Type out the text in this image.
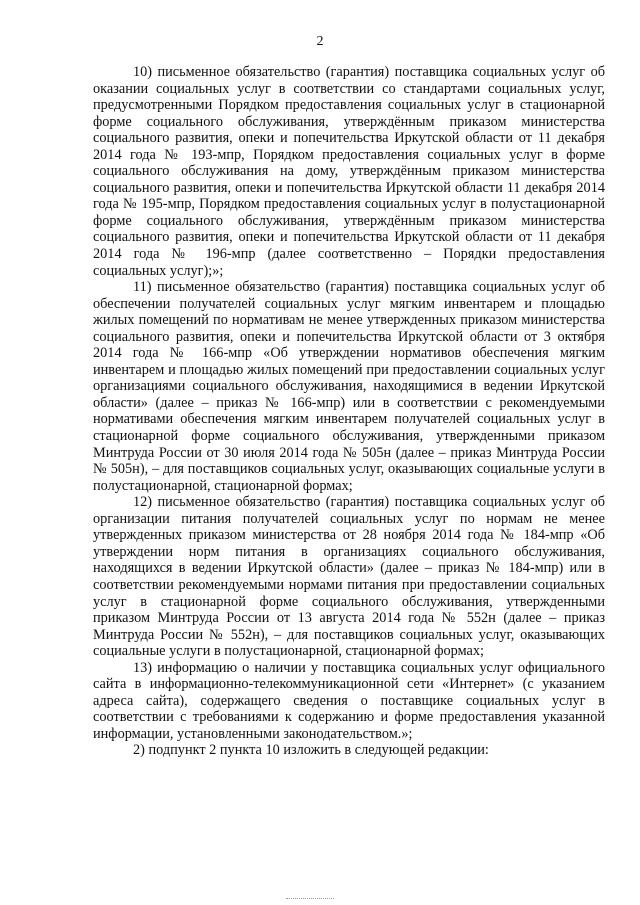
2

10) письменное обязательство (гарантия) поставщика социальных услуг об оказании социальных услуг в соответствии со стандартами социальных услуг, предусмотренными Порядком предоставления социальных услуг в стационарной форме социального обслуживания, утверждённым приказом министерства социального развития, опеки и попечительства Иркутской области от 11 декабря 2014 года № 193-мпр, Порядком предоставления социальных услуг в форме социального обслуживания на дому, утверждённым приказом министерства социального развития, опеки и попечительства Иркутской области 11 декабря 2014 года № 195-мпр, Порядком предоставления социальных услуг в полустационарной форме социального обслуживания, утверждённым приказом министерства социального развития, опеки и попечительства Иркутской области от 11 декабря 2014 года № 196-мпр (далее соответственно – Порядки предоставления социальных услуг);»;

11) письменное обязательство (гарантия) поставщика социальных услуг об обеспечении получателей социальных услуг мягким инвентарем и площадью жилых помещений по нормативам не менее утвержденных приказом министерства социального развития, опеки и попечительства Иркутской области от 3 октября 2014 года № 166-мпр «Об утверждении нормативов обеспечения мягким инвентарем и площадью жилых помещений при предоставлении социальных услуг организациями социального обслуживания, находящимися в ведении Иркутской области» (далее – приказ № 166-мпр) или в соответствии с рекомендуемыми нормативами обеспечения мягким инвентарем получателей социальных услуг в стационарной форме социального обслуживания, утвержденными приказом Минтруда России от 30 июля 2014 года № 505н (далее – приказ Минтруда России № 505н), – для поставщиков социальных услуг, оказывающих социальные услуги в полустационарной, стационарной формах;

12) письменное обязательство (гарантия) поставщика социальных услуг об организации питания получателей социальных услуг по нормам не менее утвержденных приказом министерства от 28 ноября 2014 года № 184-мпр «Об утверждении норм питания в организациях социального обслуживания, находящихся в ведении Иркутской области» (далее – приказ № 184-мпр) или в соответствии рекомендуемыми нормами питания при предоставлении социальных услуг в стационарной форме социального обслуживания, утвержденными приказом Минтруда России от 13 августа 2014 года № 552н (далее – приказ Минтруда России № 552н), – для поставщиков социальных услуг, оказывающих социальные услуги в полустационарной, стационарной формах;

13) информацию о наличии у поставщика социальных услуг официального сайта в информационно-телекоммуникационной сети «Интернет» (с указанием адреса сайта), содержащего сведения о поставщике социальных услуг в соответствии с требованиями к содержанию и форме предоставления указанной информации, установленными законодательством.»;

2) подпункт 2 пункта 10 изложить в следующей редакции:
